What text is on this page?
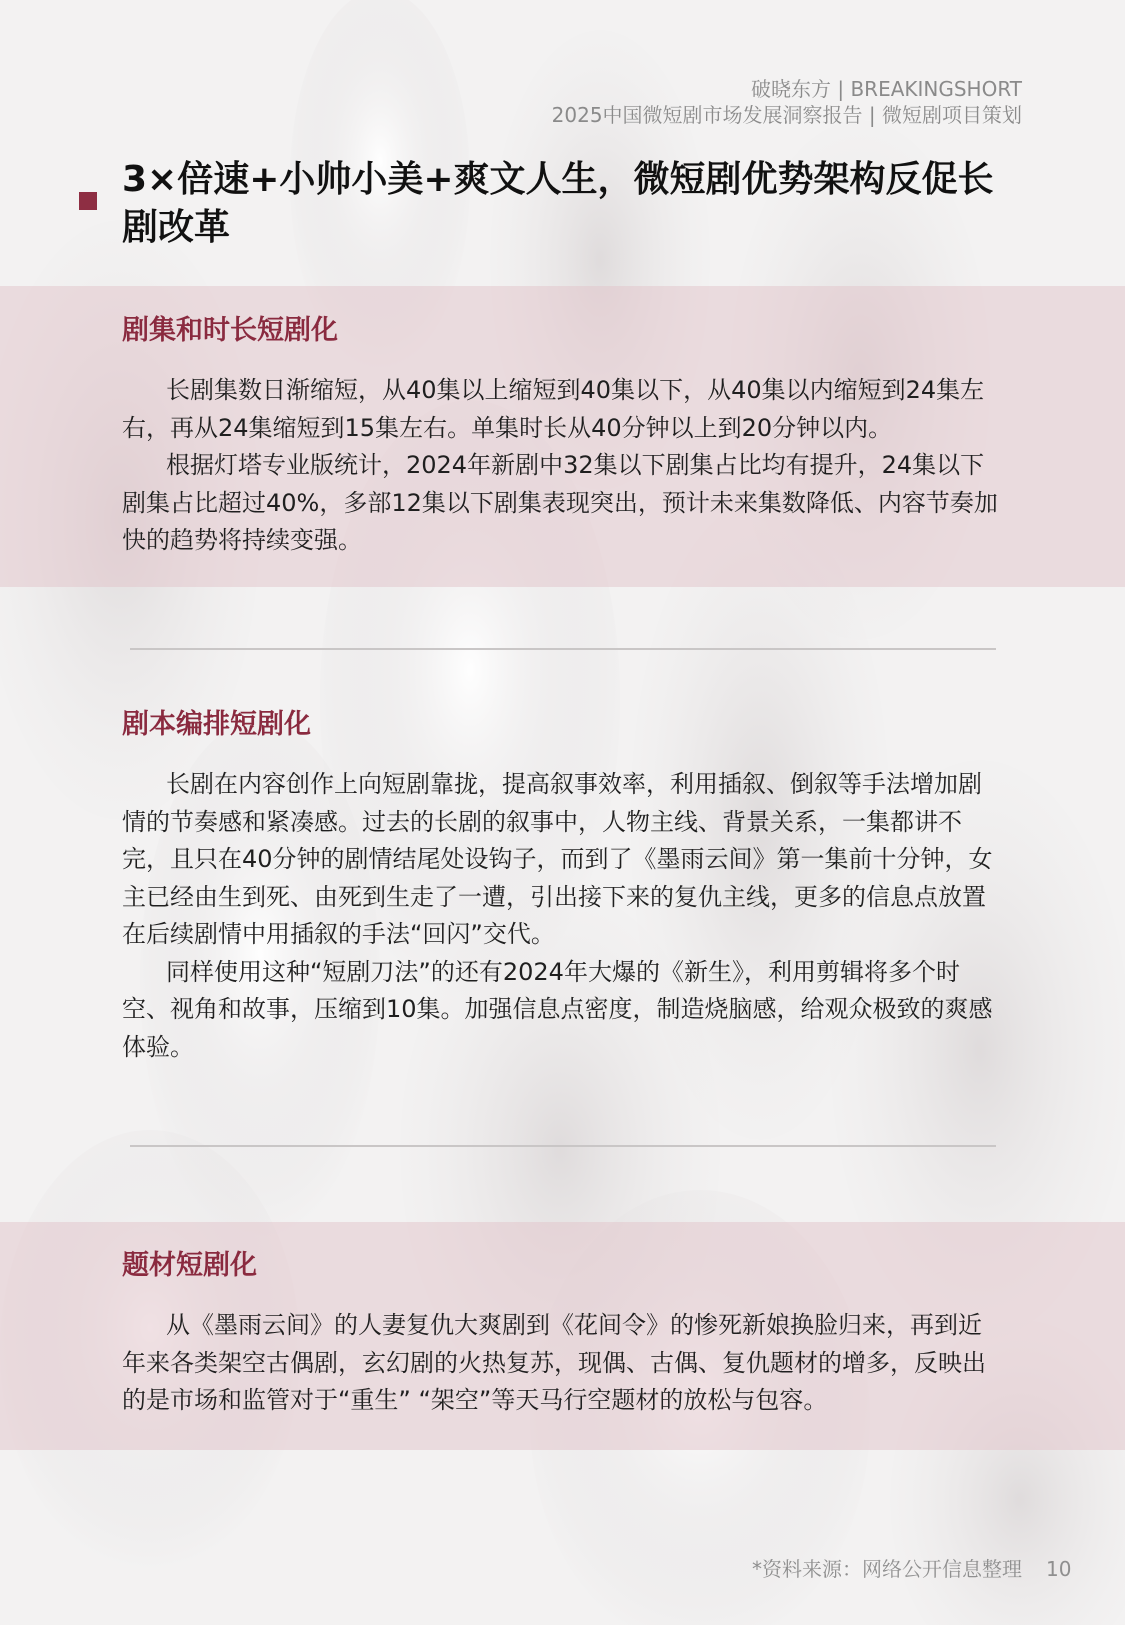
破晓东方 | BREAKINGSHORT
2025中国微短剧市场发展洞察报告 | 微短剧项目策划
3×倍速+小帅小美+爽文人生，微短剧优势架构反促长剧改革
剧集和时长短剧化

长剧集数日渐缩短，从40集以上缩短到40集以下，从40集以内缩短到24集左右，再从24集缩短到15集左右。单集时长从40分钟以上到20分钟以内。

根据灯塔专业版统计，2024年新剧中32集以下剧集占比均有提升，24集以下剧集占比超过40%，多部12集以下剧集表现突出，预计未来集数降低、内容节奏加快的趋势将持续变强。

剧本编排短剧化

长剧在内容创作上向短剧靠拢，提高叙事效率，利用插叙、倒叙等手法增加剧情的节奏感和紧凑感。过去的长剧的叙事中，人物主线、背景关系，一集都讲不完，且只在40分钟的剧情结尾处设钩子，而到了《墨雨云间》第一集前十分钟，女主已经由生到死、由死到生走了一遭，引出接下来的复仇主线，更多的信息点放置在后续剧情中用插叙的手法“回闪”交代。

同样使用这种“短剧刀法”的还有2024年大爆的《新生》，利用剪辑将多个时空、视角和故事，压缩到10集。加强信息点密度，制造烧脑感，给观众极致的爽感体验。

题材短剧化

从《墨雨云间》的人妻复仇大爽剧到《花间令》的惨死新娘换脸归来，再到近年来各类架空古偶剧，玄幻剧的火热复苏，现偶、古偶、复仇题材的增多，反映出的是市场和监管对于“重生” “架空”等天马行空题材的放松与包容。

*资料来源：网络公开信息整理 10
